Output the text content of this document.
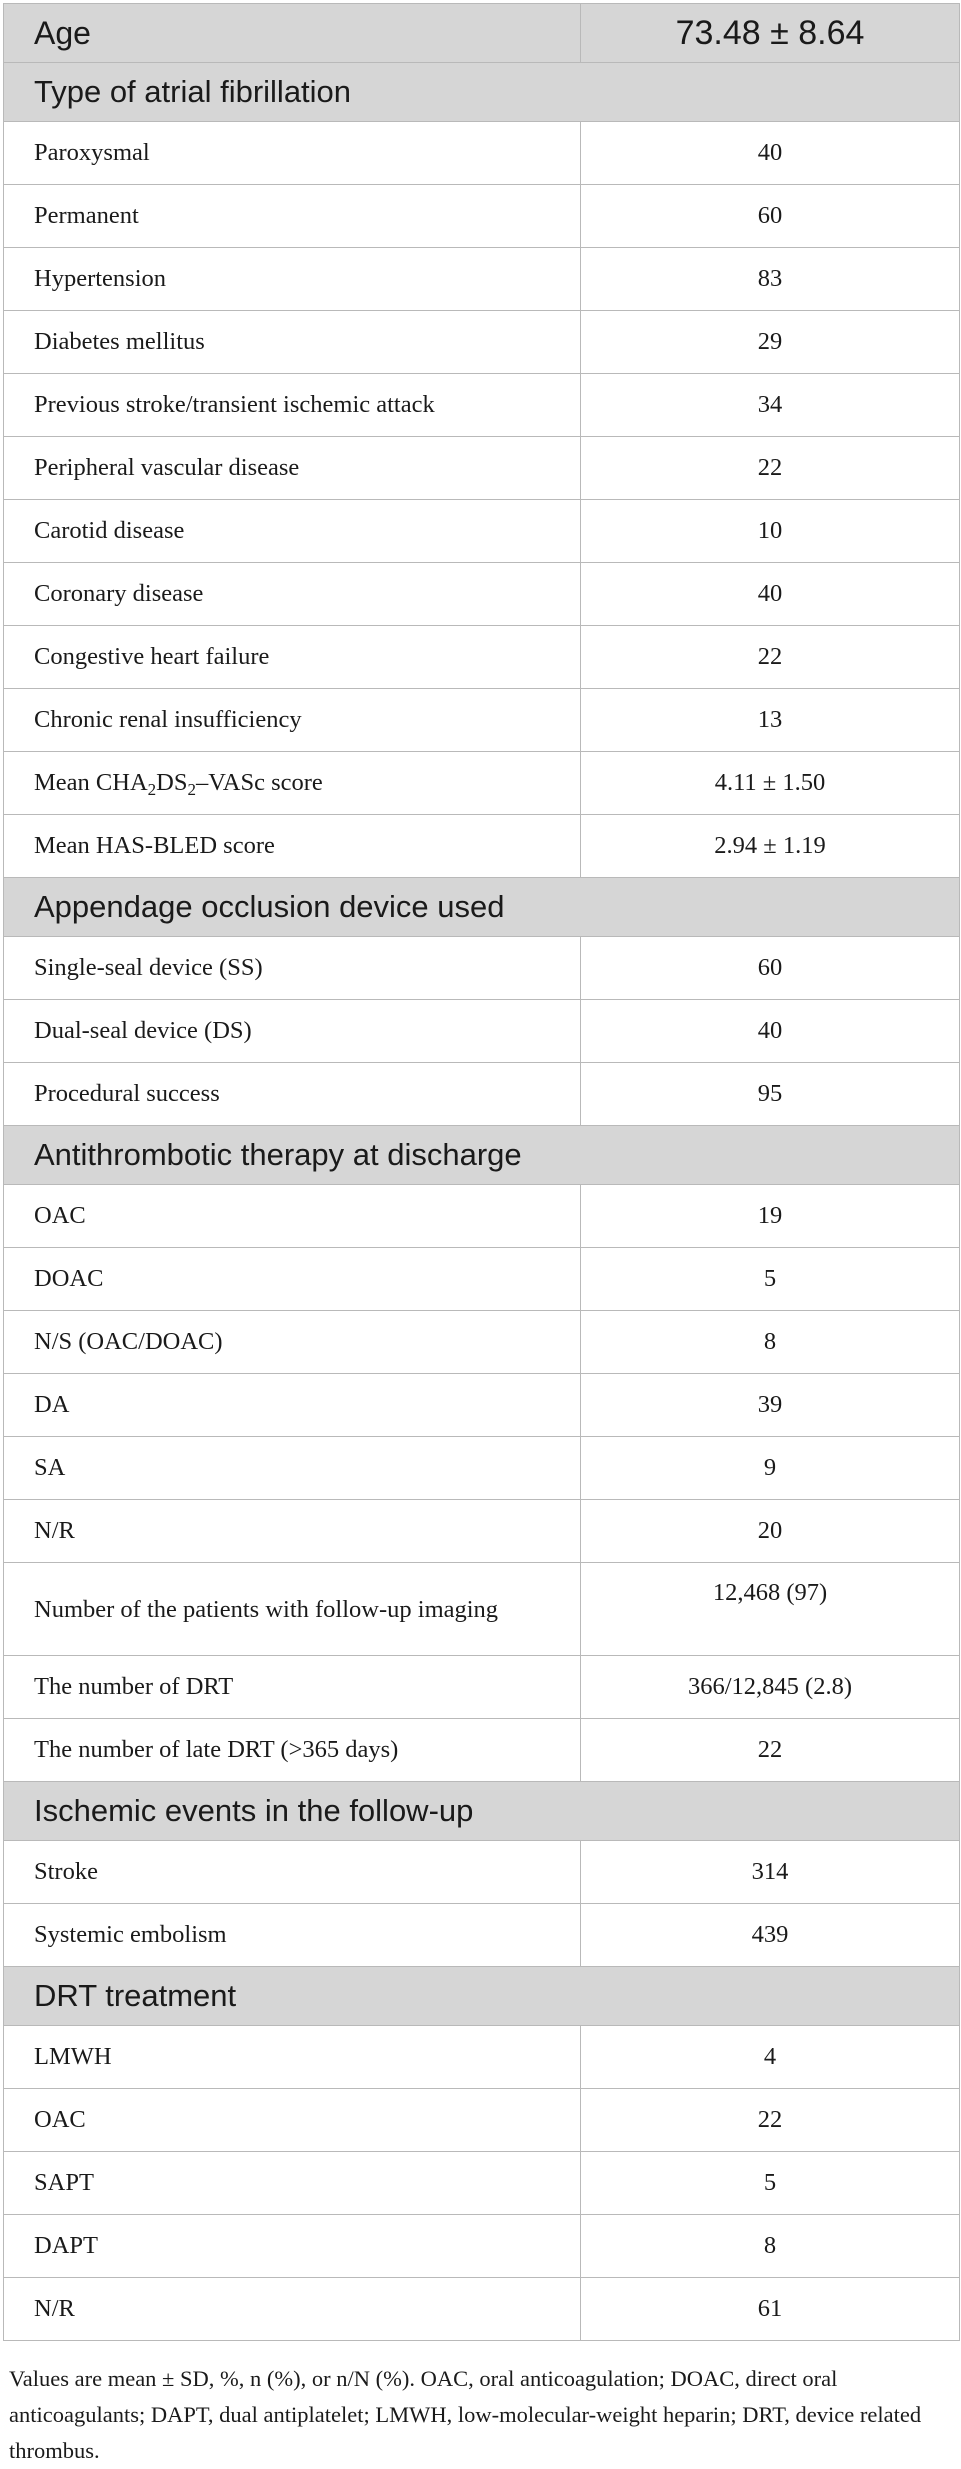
Age	73.48 ± 8.64
Type of atrial fibrillation	
Paroxysmal	40
Permanent	60
Hypertension	83
Diabetes mellitus	29
Previous stroke/transient ischemic attack	34
Peripheral vascular disease	22
Carotid disease	10
Coronary disease	40
Congestive heart failure	22
Chronic renal insufficiency	13
Mean $CHA_2DS_2$–VASc score	4.11 ± 1.50
Mean HAS-BLED score	2.94 ± 1.19
Appendage occlusion device used	
Single-seal device (SS)	60
Dual-seal device (DS)	40
Procedural success	95
Antithrombotic therapy at discharge	
OAC	19
DOAC	5
N/S (OAC/DOAC)	8
DA	39
SA	9
N/R	20
Number of the patients with follow-up imaging	12,468 (97)
The number of DRT	366/12,845 (2.8)
The number of late DRT (>365 days)	22
Ischemic events in the follow-up	
Stroke	314
Systemic embolism	439
DRT treatment	
LMWH	4
OAC	22
SAPT	5
DAPT	8
N/R	61
Values are mean ± SD, %, n (%), or n/N (%). OAC, oral anticoagulation; DOAC, direct oral anticoagulants; DAPT, dual antiplatelet; LMWH, low-molecular-weight heparin; DRT, device related thrombus.
